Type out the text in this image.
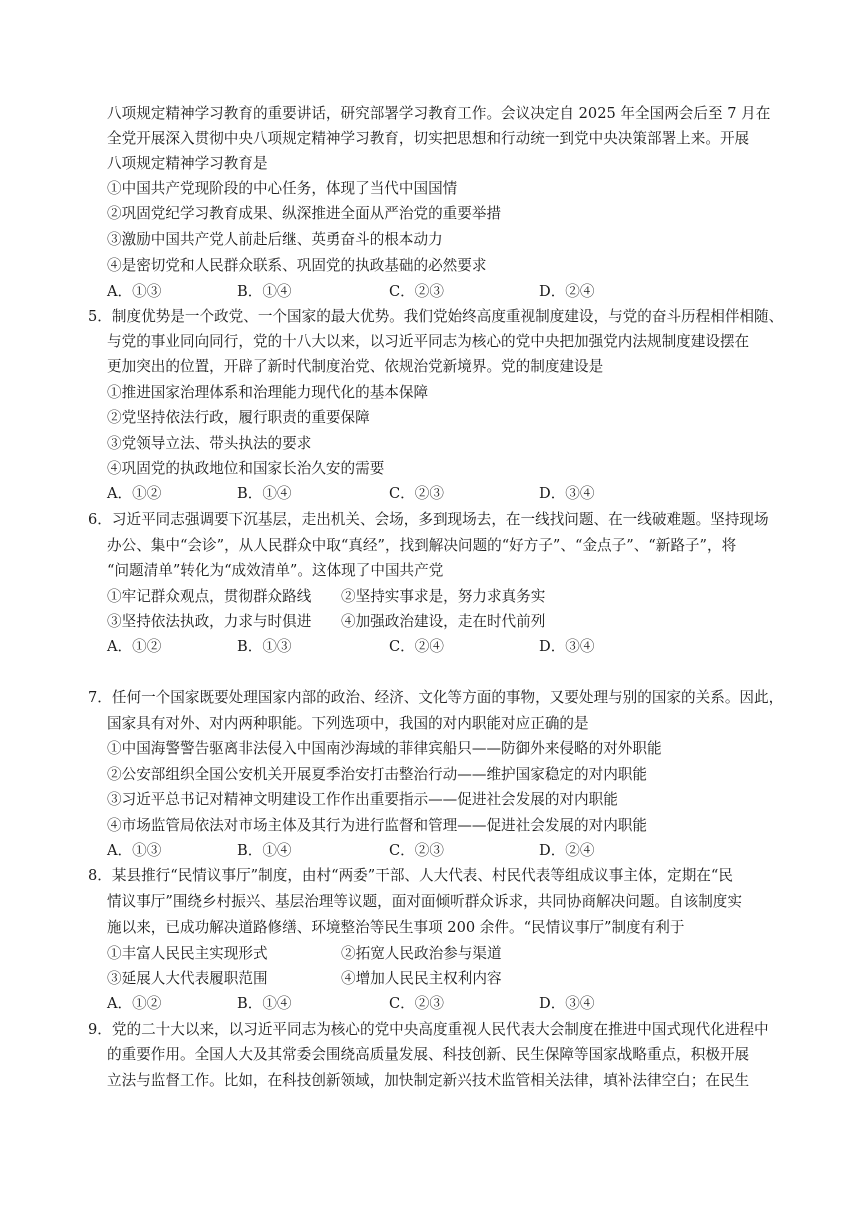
八项规定精神学习教育的重要讲话，研究部署学习教育工作。会议决定自 2025 年全国两会后至 7 月在
全党开展深入贯彻中央八项规定精神学习教育，切实把思想和行动统一到党中央决策部署上来。开展
八项规定精神学习教育是
①中国共产党现阶段的中心任务，体现了当代中国国情
②巩固党纪学习教育成果、纵深推进全面从严治党的重要举措
③激励中国共产党人前赴后继、英勇奋斗的根本动力
④是密切党和人民群众联系、巩固党的执政基础的必然要求
A．①③	B．①④	C．②③	D．②④
5．制度优势是一个政党、一个国家的最大优势。我们党始终高度重视制度建设，与党的奋斗历程相伴相随、
与党的事业同向同行，党的十八大以来，以习近平同志为核心的党中央把加强党内法规制度建设摆在
更加突出的位置，开辟了新时代制度治党、依规治党新境界。党的制度建设是
①推进国家治理体系和治理能力现代化的基本保障
②党坚持依法行政，履行职责的重要保障
③党领导立法、带头执法的要求
④巩固党的执政地位和国家长治久安的需要
A．①②	B．①④	C．②③	D．③④
6．习近平同志强调要下沉基层，走出机关、会场，多到现场去，在一线找问题、在一线破难题。坚持现场
办公、集中“会诊”，从人民群众中取“真经”，找到解决问题的“好方子”、“金点子”、“新路子”，将
“问题清单”转化为“成效清单”。这体现了中国共产党
①牢记群众观点，贯彻群众路线 ②坚持实事求是，努力求真务实
③坚持依法执政，力求与时俱进 ④加强政治建设，走在时代前列
A．①②	B．①③	C．②④	D．③④
7．任何一个国家既要处理国家内部的政治、经济、文化等方面的事物，又要处理与别的国家的关系。因此，
国家具有对外、对内两种职能。下列选项中，我国的对内职能对应正确的是
①中国海警警告驱离非法侵入中国南沙海域的菲律宾船只——防御外来侵略的对外职能
②公安部组织全国公安机关开展夏季治安打击整治行动——维护国家稳定的对内职能
③习近平总书记对精神文明建设工作作出重要指示——促进社会发展的对内职能
④市场监管局依法对市场主体及其行为进行监督和管理——促进社会发展的对内职能
A．①③	B．①④	C．②③	D．②④
8．某县推行“民情议事厅”制度，由村“两委”干部、人大代表、村民代表等组成议事主体，定期在“民
情议事厅”围绕乡村振兴、基层治理等议题，面对面倾听群众诉求，共同协商解决问题。自该制度实
施以来，已成功解决道路修缮、环境整治等民生事项 200 余件。“民情议事厅”制度有利于
①丰富人民民主实现形式	②拓宽人民政治参与渠道
③延展人大代表履职范围	④增加人民民主权利内容
A．①②	B．①④	C．②③	D．③④
9．党的二十大以来，以习近平同志为核心的党中央高度重视人民代表大会制度在推进中国式现代化进程中
的重要作用。全国人大及其常委会围绕高质量发展、科技创新、民生保障等国家战略重点，积极开展
立法与监督工作。比如，在科技创新领域，加快制定新兴技术监管相关法律，填补法律空白；在民生
